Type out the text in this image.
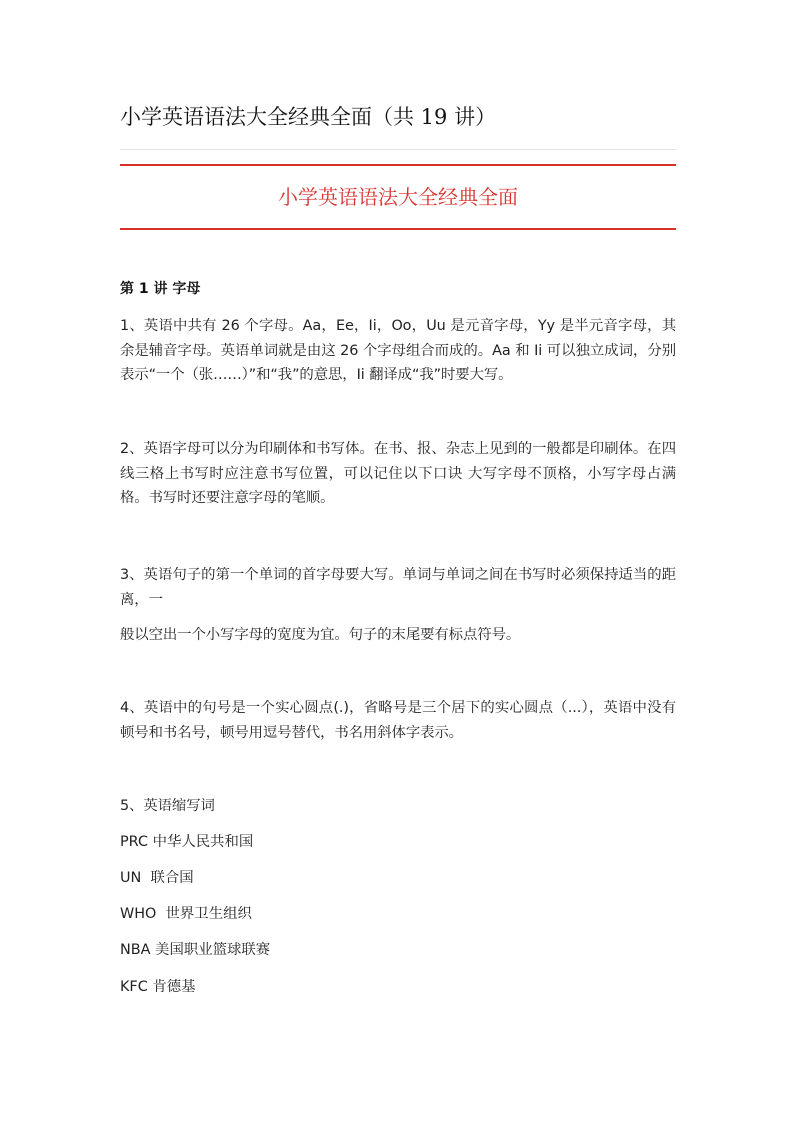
小学英语语法大全经典全面（共 19 讲）
小学英语语法大全经典全面
第 1 讲 字母
1、英语中共有 26 个字母。Aa，Ee，Ii，Oo，Uu 是元音字母，Yy 是半元音字母，其余是辅音字母。英语单词就是由这 26 个字母组合而成的。Aa 和 Ii 可以独立成词，分别表示“一个（张……）”和“我”的意思，Ii 翻译成“我”时要大写。
2、英语字母可以分为印刷体和书写体。在书、报、杂志上见到的一般都是印刷体。在四线三格上书写时应注意书写位置，可以记住以下口诀 大写字母不顶格，小写字母占满格。书写时还要注意字母的笔顺。
3、英语句子的第一个单词的首字母要大写。单词与单词之间在书写时必须保持适当的距离，一
般以空出一个小写字母的宽度为宜。句子的末尾要有标点符号。
4、英语中的句号是一个实心圆点(.)，省略号是三个居下的实心圆点（...），英语中没有顿号和书名号，顿号用逗号替代，书名用斜体字表示。
5、英语缩写词
PRC 中华人民共和国
UN  联合国
WHO  世界卫生组织
NBA 美国职业篮球联赛
KFC 肯德基
